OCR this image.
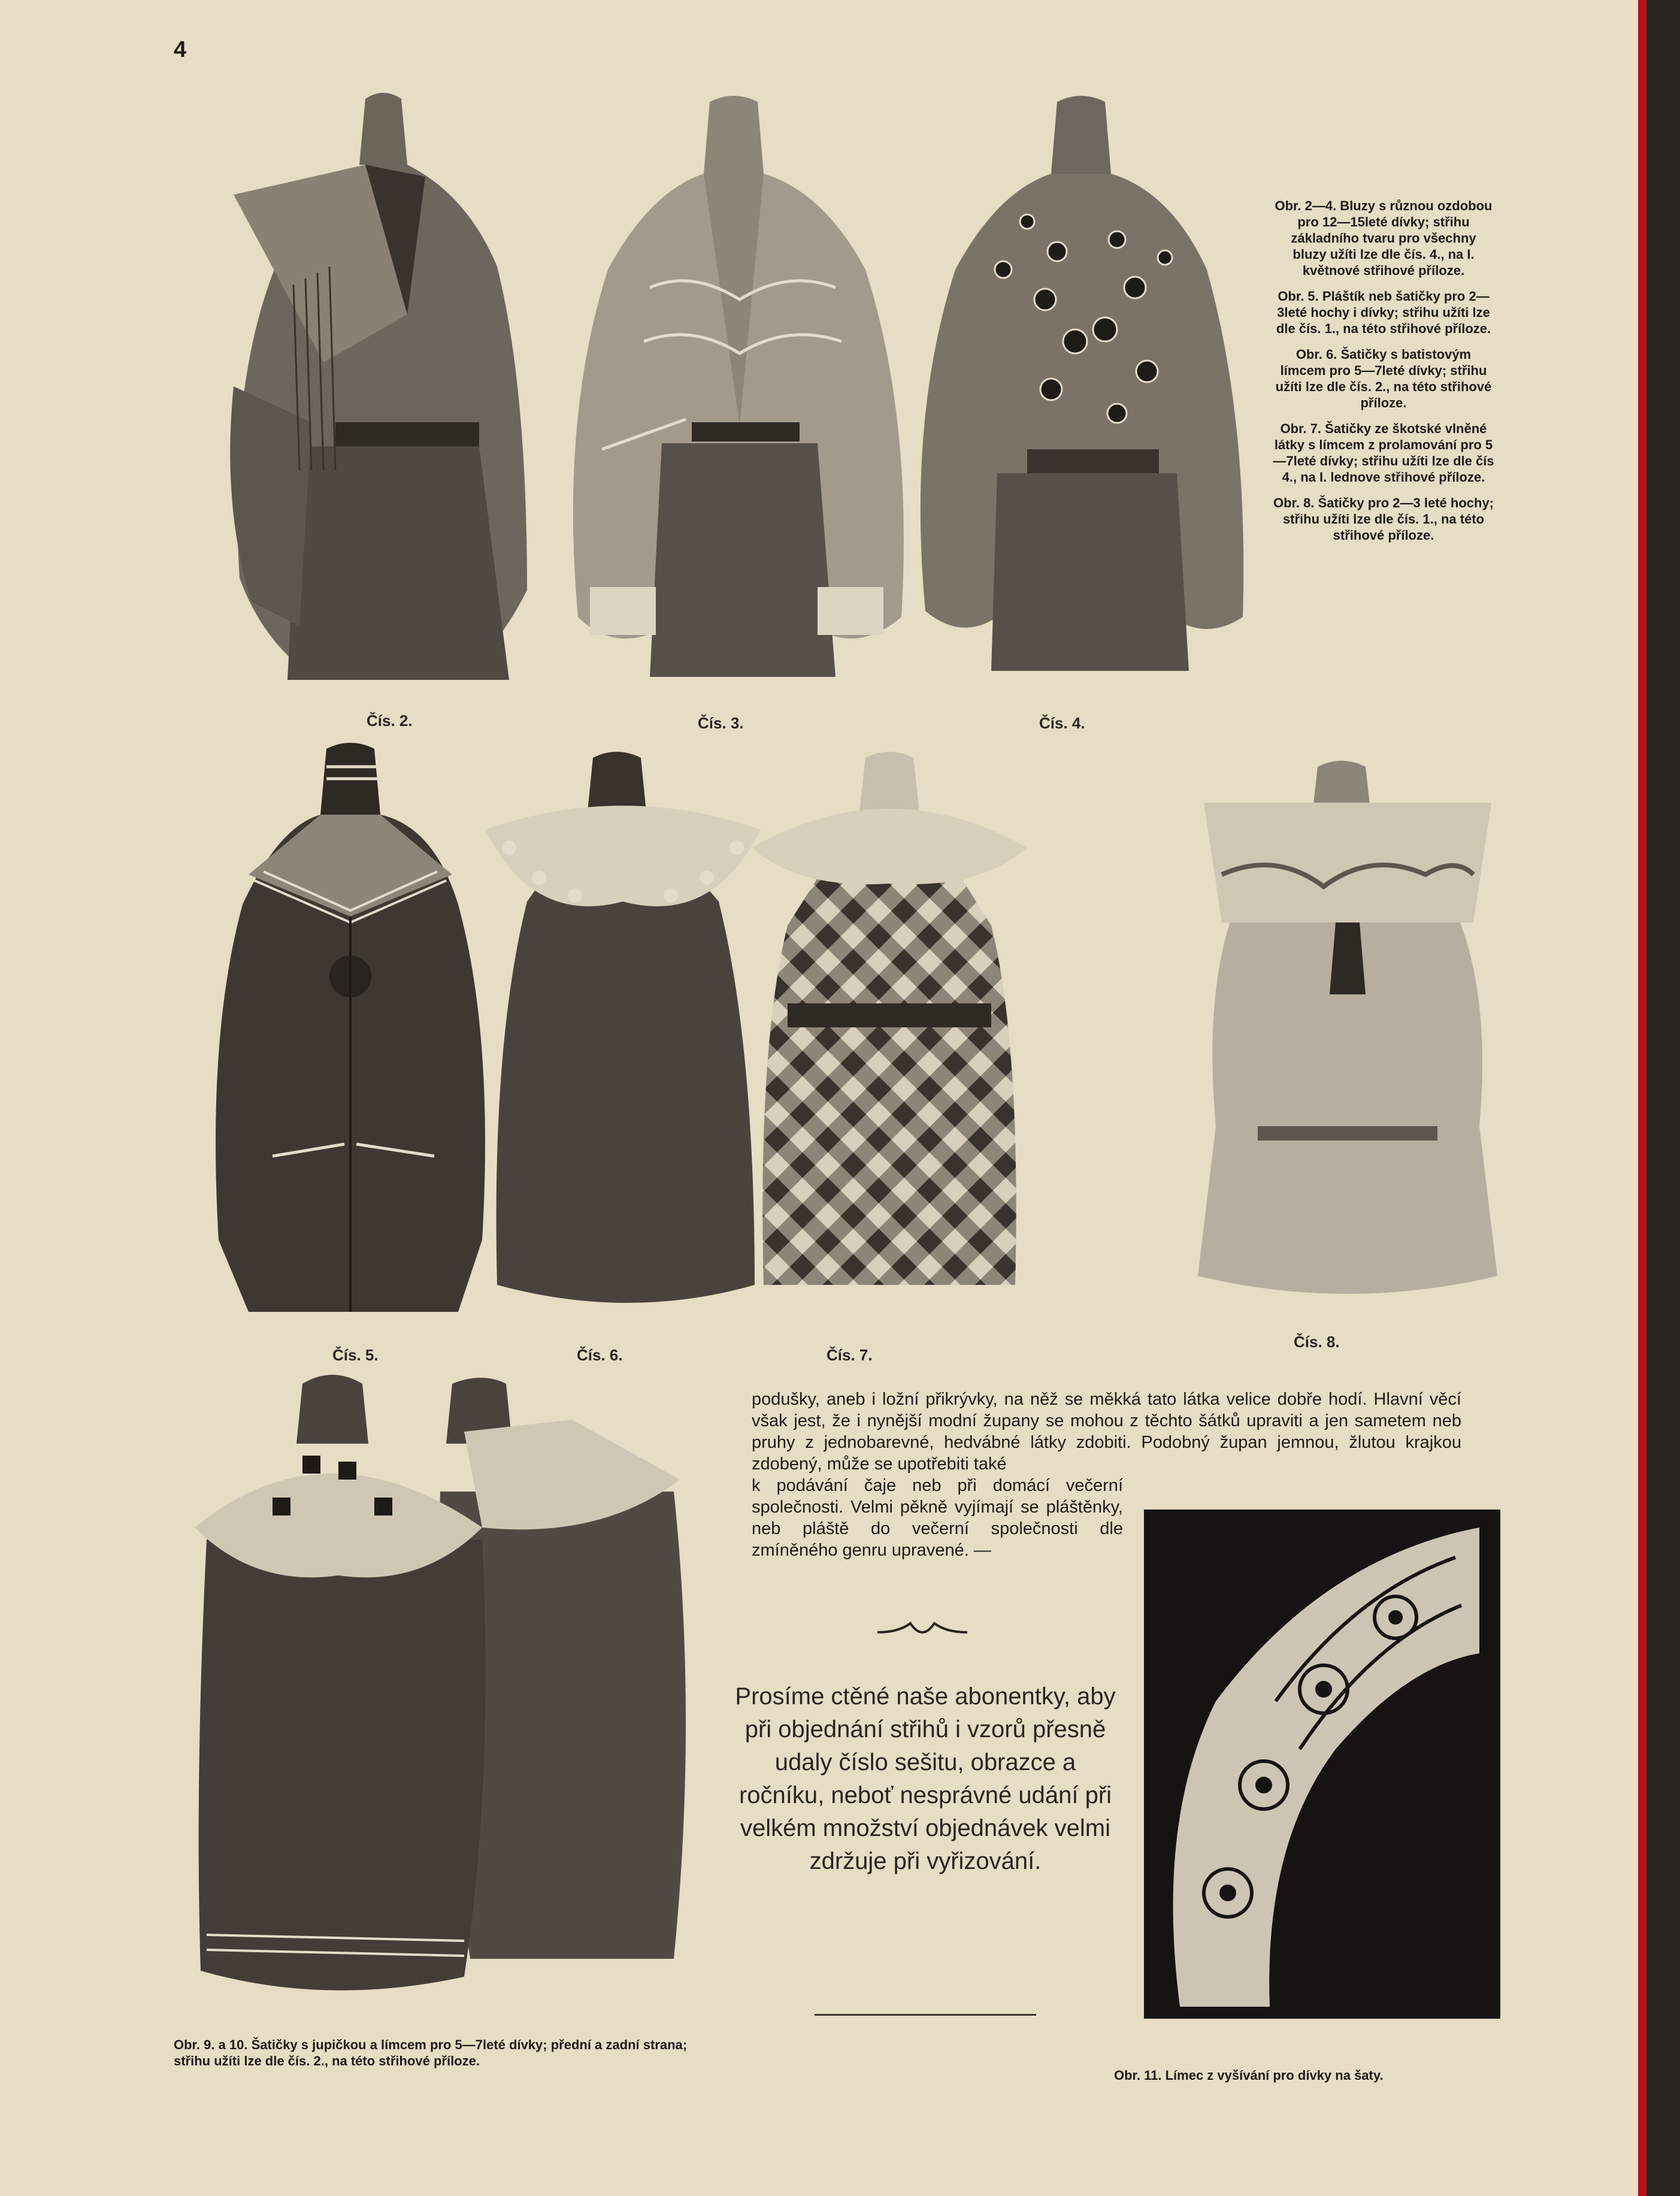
4
Čís. 2.	Čís. 3.	Čís. 4.

Obr. 2—4. Bluzy s různou ozdobou pro 12—15leté dívky; střihu základního tvaru pro všechny bluzy užíti lze dle čís. 4., na I. květnové střihové příloze.

Obr. 5. Pláštík neb šatičky pro 2—3leté hochy i dívky; střihu užíti lze dle čís. 1., na této střihové příloze.

Obr. 6. Šatičky s batistovým límcem pro 5—7leté dívky; střihu užíti lze dle čís. 2., na této střihové příloze.

Obr. 7. Šatičky ze škotské vlněné látky s límcem z prolamování pro 5—7leté dívky; střihu užíti lze dle čís 4., na I. lednove střihové příloze.

Obr. 8. Šatičky pro 2—3 leté hochy; střihu užíti lze dle čís. 1., na této střihové příloze.

Čís. 5.	Čís. 6.	Čís. 7.
Čís. 8.
podušky, aneb i ložní přikrývky, na něž se měkká tato látka velice dobře hodí. Hlavní věcí však jest, že i nynější modní župany se mohou z těchto šátků upraviti a jen sametem neb pruhy z jednobarevné, hedvábné látky zdobiti. Podobný župan jemnou, žlutou krajkou zdobený, může se upotřebiti také
k podávání čaje neb při domácí večerní společnosti. Velmi pěkně vyjímají se pláštěnky, neb pláště do večerní společnosti dle zmíněného genru upravené. —
Prosíme ctěné naše abonentky, aby při objednání střihů i vzorů přesně udaly číslo sešitu, obrazce a ročníku, neboť nesprávné udání při velkém množství objednávek velmi zdržuje při vyřizování.
Obr. 9. a 10. Šatičky s jupičkou a límcem pro 5—7leté dívky; přední a zadní strana; střihu užíti lze dle čís. 2., na této střihové příloze.
Obr. 11. Límec z vyšívání pro dívky na šaty.
